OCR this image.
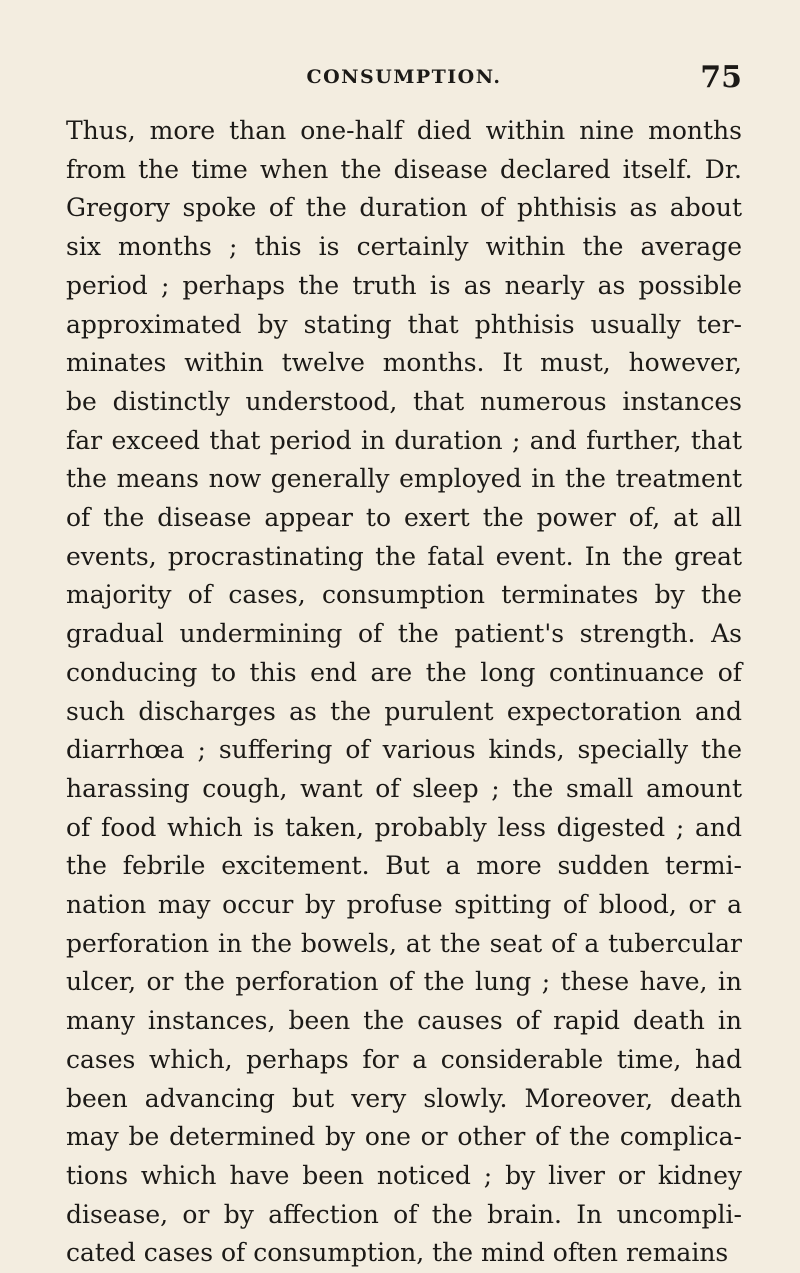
CONSUMPTION.	75

Thus, more than one-half died within nine months
from the time when the disease declared itself. Dr.
Gregory spoke of the duration of phthisis as about
six months ; this is certainly within the average
period ; perhaps the truth is as nearly as possible
approximated by stating that phthisis usually ter-
minates within twelve months. It must, however,
be distinctly understood, that numerous instances
far exceed that period in duration ; and further, that
the means now generally employed in the treatment
of the disease appear to exert the power of, at all
events, procrastinating the fatal event. In the great
majority of cases, consumption terminates by the
gradual undermining of the patient's strength. As
conducing to this end are the long continuance of
such discharges as the purulent expectoration and
diarrhœa ; suffering of various kinds, specially the
harassing cough, want of sleep ; the small amount
of food which is taken, probably less digested ; and
the febrile excitement. But a more sudden termi-
nation may occur by profuse spitting of blood, or a
perforation in the bowels, at the seat of a tubercular
ulcer, or the perforation of the lung ; these have, in
many instances, been the causes of rapid death in
cases which, perhaps for a considerable time, had
been advancing but very slowly. Moreover, death
may be determined by one or other of the complica-
tions which have been noticed ; by liver or kidney
disease, or by affection of the brain. In uncompli-
cated cases of consumption, the mind often remains
